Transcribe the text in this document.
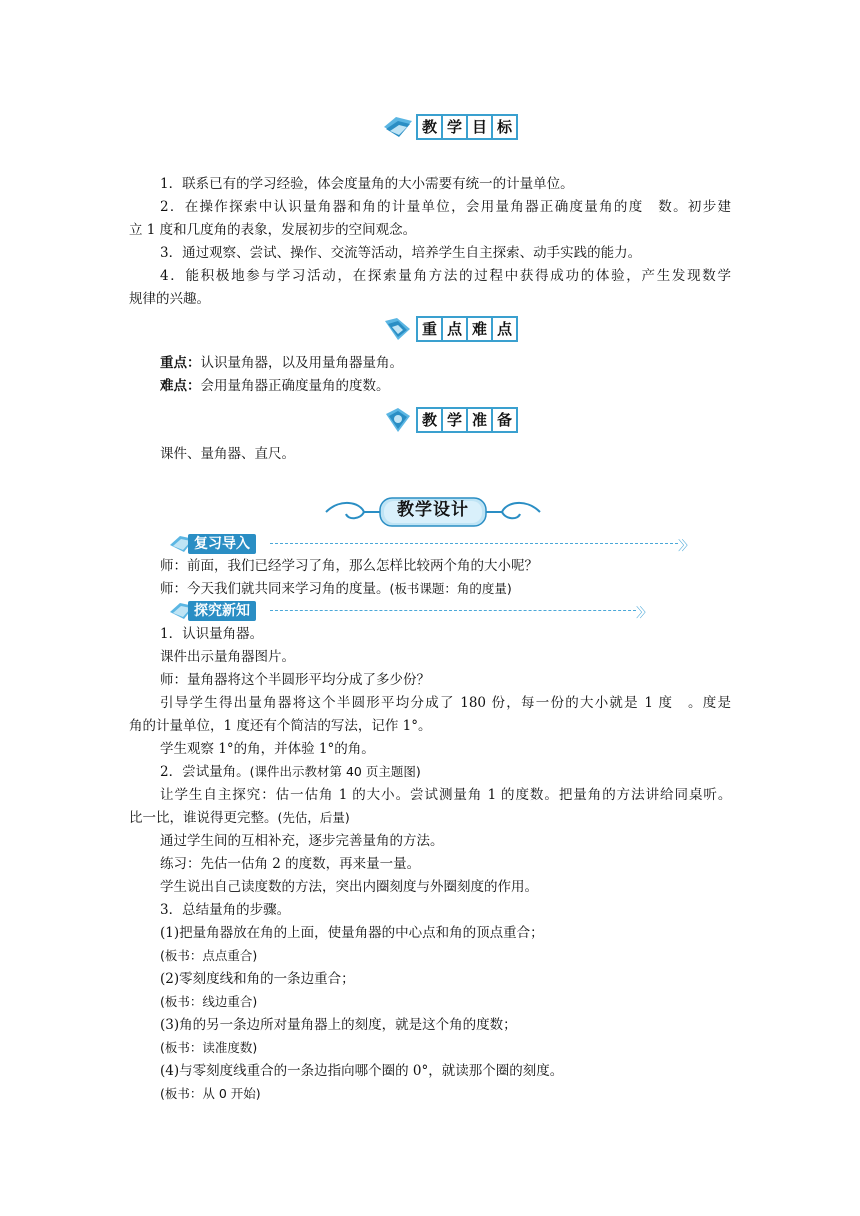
教 学 目 标
1．联系已有的学习经验，体会度量角的大小需要有统一的计量单位。
2．在操作探索中认识量角器和角的计量单位，会用量角器正确度量角的度　数。初步建
立 1 度和几度角的表象，发展初步的空间观念。
3．通过观察、尝试、操作、交流等活动，培养学生自主探索、动手实践的能力。
4．能积极地参与学习活动，在探索量角方法的过程中获得成功的体验，产生发现数学
规律的兴趣。
重 点 难 点
重点：认识量角器，以及用量角器量角。
难点：会用量角器正确度量角的度数。
教 学 准 备
课件、量角器、直尺。
教学设计
复习导入	〉〉
师：前面，我们已经学习了角，那么怎样比较两个角的大小呢？
师：今天我们就共同来学习角的度量。(板书课题：角的度量)
探究新知	〉〉
1．认识量角器。
课件出示量角器图片。
师：量角器将这个半圆形平均分成了多少份？
引导学生得出量角器将这个半圆形平均分成了 180 份，每一份的大小就是 1 度　。度是
角的计量单位，1 度还有个简洁的写法，记作 1°。
学生观察 1°的角，并体验 1°的角。
2．尝试量角。(课件出示教材第 40 页主题图)
让学生自主探究：估一估角 1 的大小。尝试测量角 1 的度数。把量角的方法讲给同桌听。
比一比，谁说得更完整。(先估，后量)
通过学生间的互相补充，逐步完善量角的方法。
练习：先估一估角 2 的度数，再来量一量。
学生说出自己读度数的方法，突出内圈刻度与外圈刻度的作用。
3．总结量角的步骤。
(1)把量角器放在角的上面，使量角器的中心点和角的顶点重合；
(板书：点点重合)
(2)零刻度线和角的一条边重合；
(板书：线边重合)
(3)角的另一条边所对量角器上的刻度，就是这个角的度数；
(板书：读准度数)
(4)与零刻度线重合的一条边指向哪个圈的 0°，就读那个圈的刻度。
(板书：从 0 开始)
